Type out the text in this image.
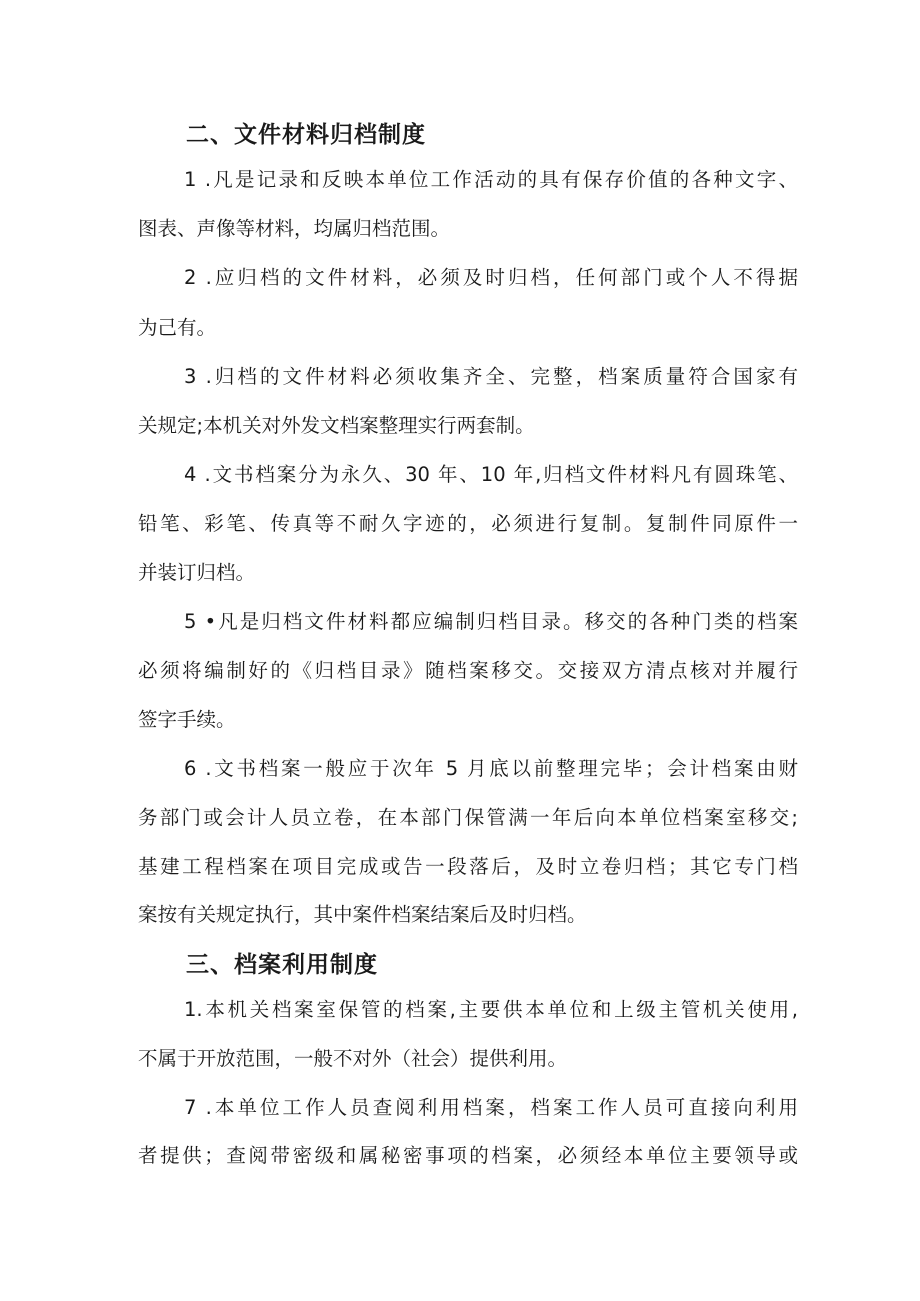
二、文件材料归档制度
1 .凡是记录和反映本单位工作活动的具有保存价值的各种文字、
图表、声像等材料，均属归档范围。
2 .应归档的文件材料，必须及时归档，任何部门或个人不得据
为己有。
3 .归档的文件材料必须收集齐全、完整，档案质量符合国家有
关规定;本机关对外发文档案整理实行两套制。
4 .文书档案分为永久、30 年、10 年,归档文件材料凡有圆珠笔、
铅笔、彩笔、传真等不耐久字迹的，必须进行复制。复制件同原件一
并装订归档。
5 •凡是归档文件材料都应编制归档目录。移交的各种门类的档案
必须将编制好的《归档目录》随档案移交。交接双方清点核对并履行
签字手续。
6 .文书档案一般应于次年 5 月底以前整理完毕；会计档案由财
务部门或会计人员立卷，在本部门保管满一年后向本单位档案室移交;
基建工程档案在项目完成或告一段落后，及时立卷归档；其它专门档
案按有关规定执行，其中案件档案结案后及时归档。
三、档案利用制度
1.本机关档案室保管的档案,主要供本单位和上级主管机关使用,
不属于开放范围，一般不对外（社会）提供利用。
7 .本单位工作人员查阅利用档案，档案工作人员可直接向利用
者提供；查阅带密级和属秘密事项的档案，必须经本单位主要领导或
